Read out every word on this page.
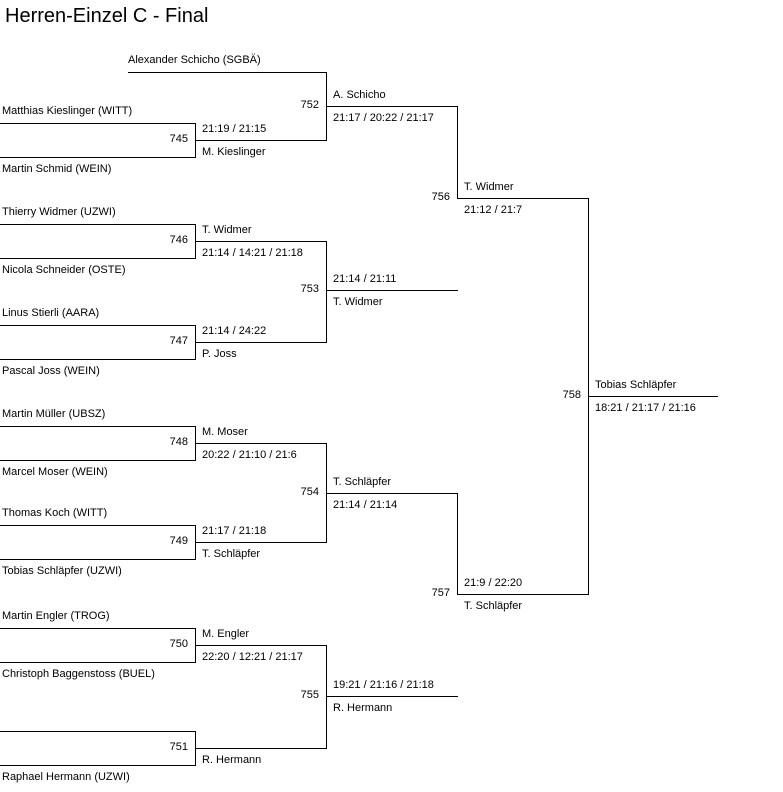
Herren-Einzel C - Final
Alexander Schicho (SGBÄ)
Matthias Kieslinger (WITT)
Martin Schmid (WEIN)
Thierry Widmer (UZWI)
Nicola Schneider (OSTE)
Linus Stierli (AARA)
Pascal Joss (WEIN)
Martin Müller (UBSZ)
Marcel Moser (WEIN)
Thomas Koch (WITT)
Tobias Schläpfer (UZWI)
Martin Engler (TROG)
Christoph Baggenstoss (BUEL)
Raphael Hermann (UZWI)
745
746
747
748
749
750
751
752
753
754
755
756
757
758
21:19 / 21:15
M. Kieslinger
T. Widmer
21:14 / 14:21 / 21:18
21:14 / 24:22
P. Joss
M. Moser
20:22 / 21:10 / 21:6
21:17 / 21:18
T. Schläpfer
M. Engler
22:20 / 12:21 / 21:17
R. Hermann
A. Schicho
21:17 / 20:22 / 21:17
21:14 / 21:11
T. Widmer
T. Schläpfer
21:14 / 21:14
19:21 / 21:16 / 21:18
R. Hermann
T. Widmer
21:12 / 21:7
21:9 / 22:20
T. Schläpfer
Tobias Schläpfer
18:21 / 21:17 / 21:16
